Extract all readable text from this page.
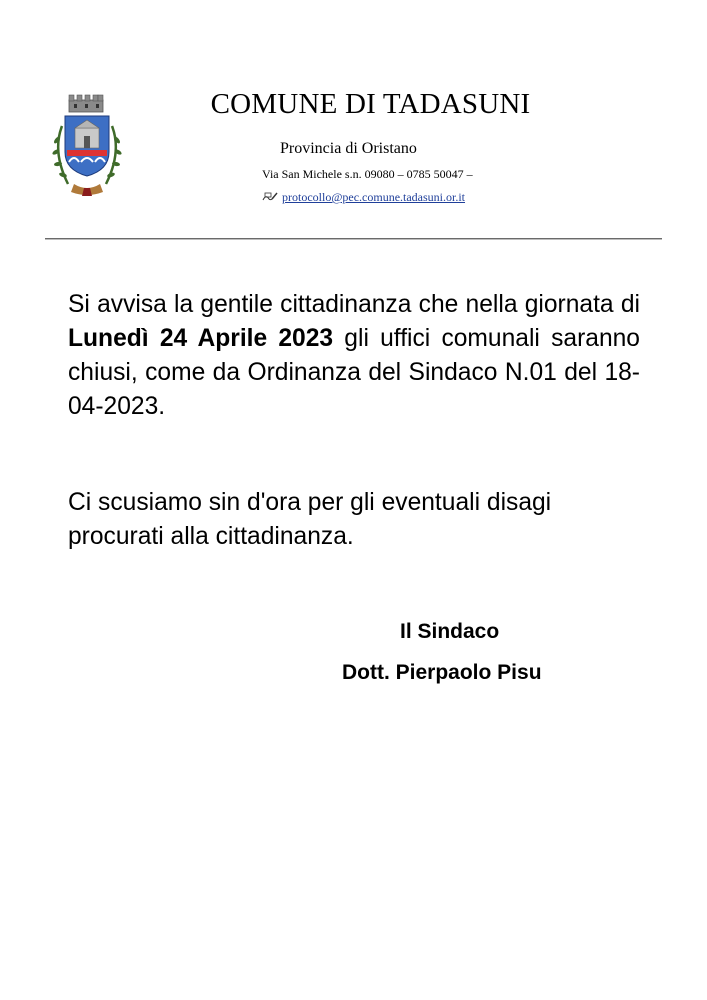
COMUNE DI TADASUNI
Provincia di Oristano
Via San Michele s.n. 09080 – 0785 50047 –
protocollo@pec.comune.tadasuni.or.it

Si avvisa la gentile cittadinanza che nella giornata di Lunedì 24 Aprile 2023 gli uffici comunali saranno chiusi, come da Ordinanza del Sindaco N.01 del 18-04-2023.

Ci scusiamo sin d'ora per gli eventuali disagi procurati alla cittadinanza.

Il Sindaco
Dott. Pierpaolo Pisu
